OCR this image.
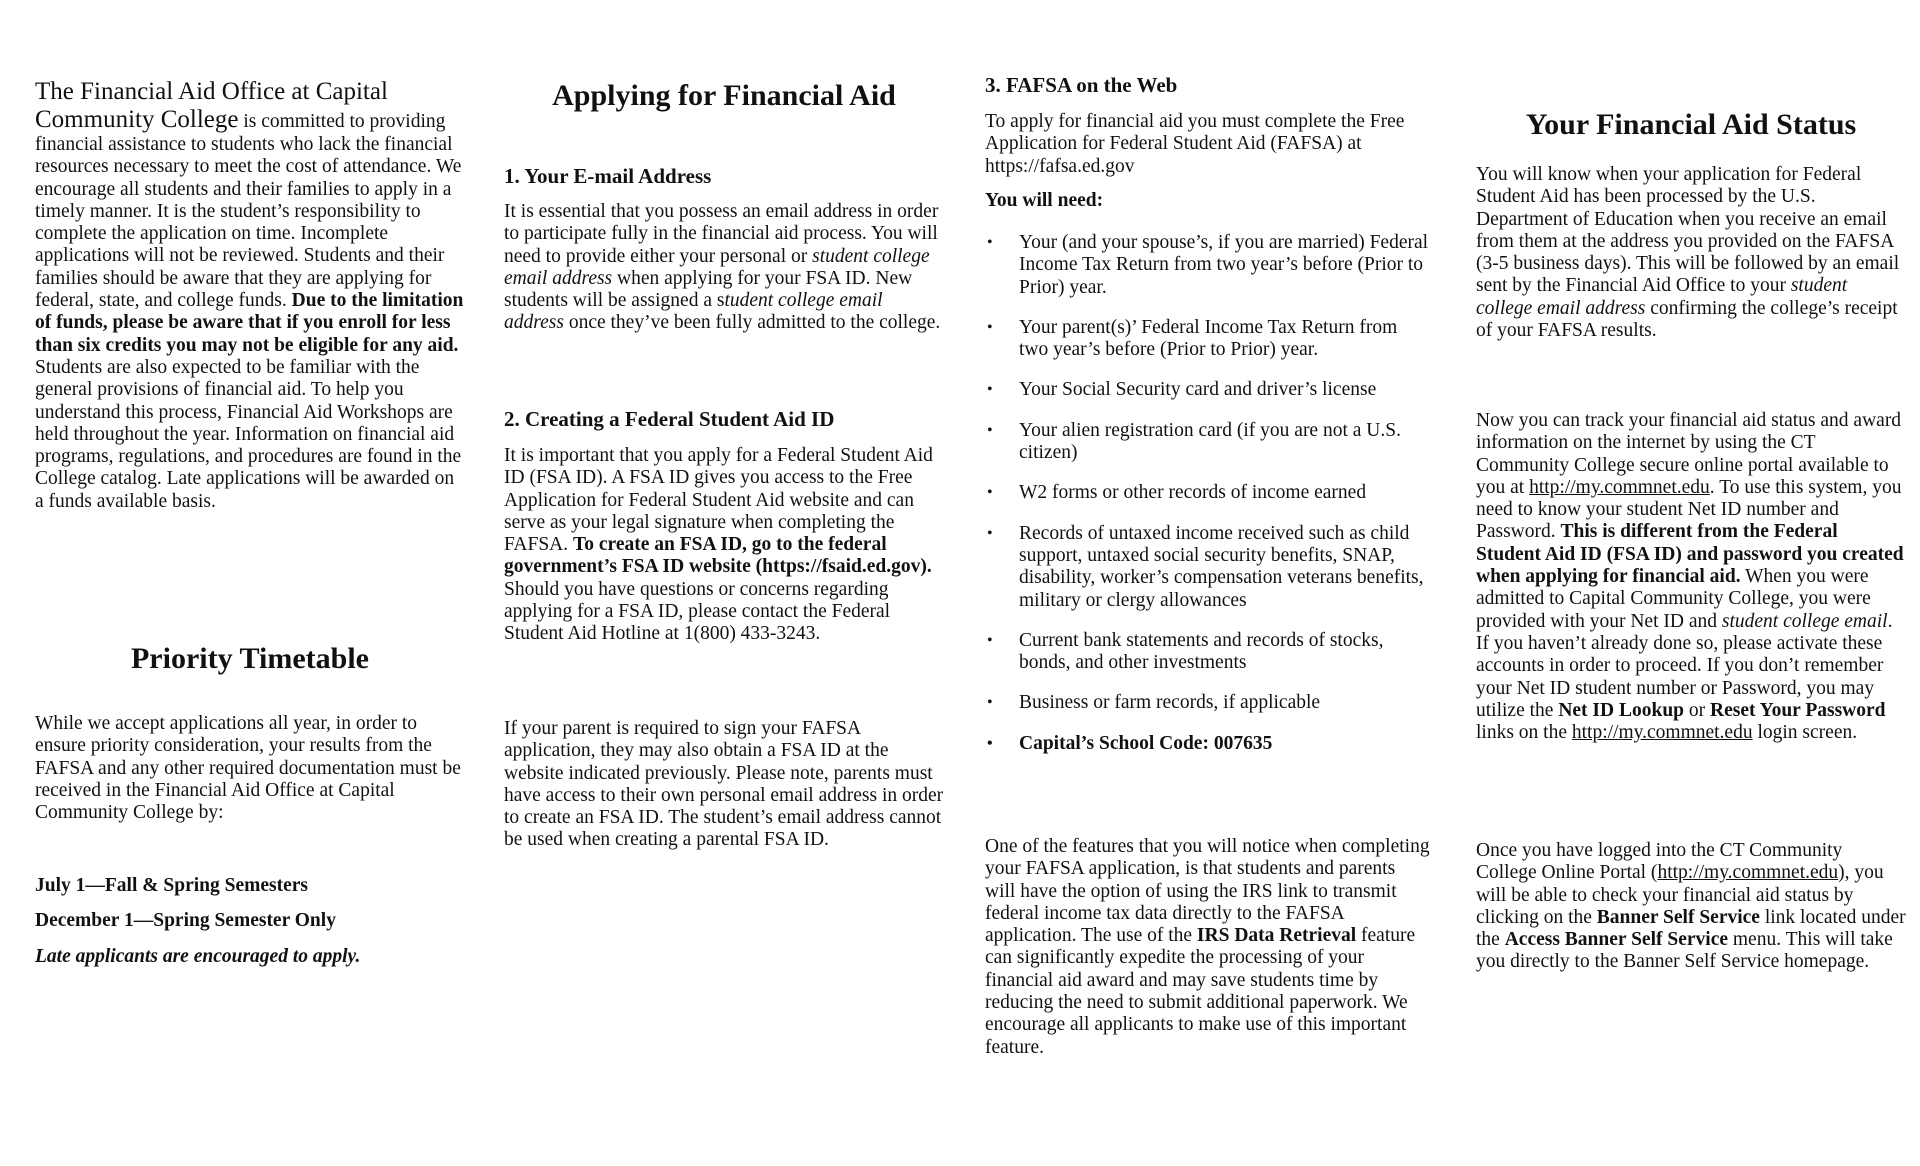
The Financial Aid Office at Capital Community College is committed to providing financial assistance to students who lack the financial resources necessary to meet the cost of attendance. We encourage all students and their families to apply in a timely manner. It is the student’s responsibility to complete the application on time. Incomplete applications will not be reviewed. Students and their families should be aware that they are applying for federal, state, and college funds. Due to the limitation of funds, please be aware that if you enroll for less than six credits you may not be eligible for any aid. Students are also expected to be familiar with the general provisions of financial aid. To help you understand this process, Financial Aid Workshops are held throughout the year. Information on financial aid programs, regulations, and procedures are found in the College catalog. Late applications will be awarded on a funds available basis.

Priority Timetable

While we accept applications all year, in order to ensure priority consideration, your results from the FAFSA and any other required documentation must be received in the Financial Aid Office at Capital Community College by:

July 1—Fall & Spring Semesters

December 1—Spring Semester Only

Late applicants are encouraged to apply.

Applying for Financial Aid
1. Your E-mail Address

It is essential that you possess an email address in order to participate fully in the financial aid process. You will need to provide either your personal or student college email address when applying for your FSA ID. New students will be assigned a student college email address once they’ve been fully admitted to the college.

2. Creating a Federal Student Aid ID

It is important that you apply for a Federal Student Aid ID (FSA ID). A FSA ID gives you access to the Free Application for Federal Student Aid website and can serve as your legal signature when completing the FAFSA. To create an FSA ID, go to the federal government’s FSA ID website (https://fsaid.ed.gov). Should you have questions or concerns regarding applying for a FSA ID, please contact the Federal Student Aid Hotline at 1(800) 433-3243.

If your parent is required to sign your FAFSA application, they may also obtain a FSA ID at the website indicated previously. Please note, parents must have access to their own personal email address in order to create an FSA ID. The student’s email address cannot be used when creating a parental FSA ID.

3. FAFSA on the Web

To apply for financial aid you must complete the Free Application for Federal Student Aid (FAFSA) at https://fafsa.ed.gov

You will need:

• Your (and your spouse’s, if you are married) Federal Income Tax Return from two year’s before (Prior to Prior) year.
• Your parent(s)’ Federal Income Tax Return from two year’s before (Prior to Prior) year.
• Your Social Security card and driver’s license
• Your alien registration card (if you are not a U.S. citizen)
• W2 forms or other records of income earned
• Records of untaxed income received such as child support, untaxed social security benefits, SNAP, disability, worker’s compensation veterans benefits, military or clergy allowances
• Current bank statements and records of stocks, bonds, and other investments
• Business or farm records, if applicable
• Capital’s School Code: 007635

One of the features that you will notice when completing your FAFSA application, is that students and parents will have the option of using the IRS link to transmit federal income tax data directly to the FAFSA application. The use of the IRS Data Retrieval feature can significantly expedite the processing of your financial aid award and may save students time by reducing the need to submit additional paperwork. We encourage all applicants to make use of this important feature.

Your Financial Aid Status

You will know when your application for Federal Student Aid has been processed by the U.S. Department of Education when you receive an email from them at the address you provided on the FAFSA (3-5 business days). This will be followed by an email sent by the Financial Aid Office to your student college email address confirming the college’s receipt of your FAFSA results.

Now you can track your financial aid status and award information on the internet by using the CT Community College secure online portal available to you at http://my.commnet.edu. To use this system, you need to know your student Net ID number and Password. This is different from the Federal Student Aid ID (FSA ID) and password you created when applying for financial aid. When you were admitted to Capital Community College, you were provided with your Net ID and student college email. If you haven’t already done so, please activate these accounts in order to proceed. If you don’t remember your Net ID student number or Password, you may utilize the Net ID Lookup or Reset Your Password links on the http://my.commnet.edu login screen.

Once you have logged into the CT Community College Online Portal (http://my.commnet.edu), you will be able to check your financial aid status by clicking on the Banner Self Service link located under the Access Banner Self Service menu. This will take you directly to the Banner Self Service homepage.
